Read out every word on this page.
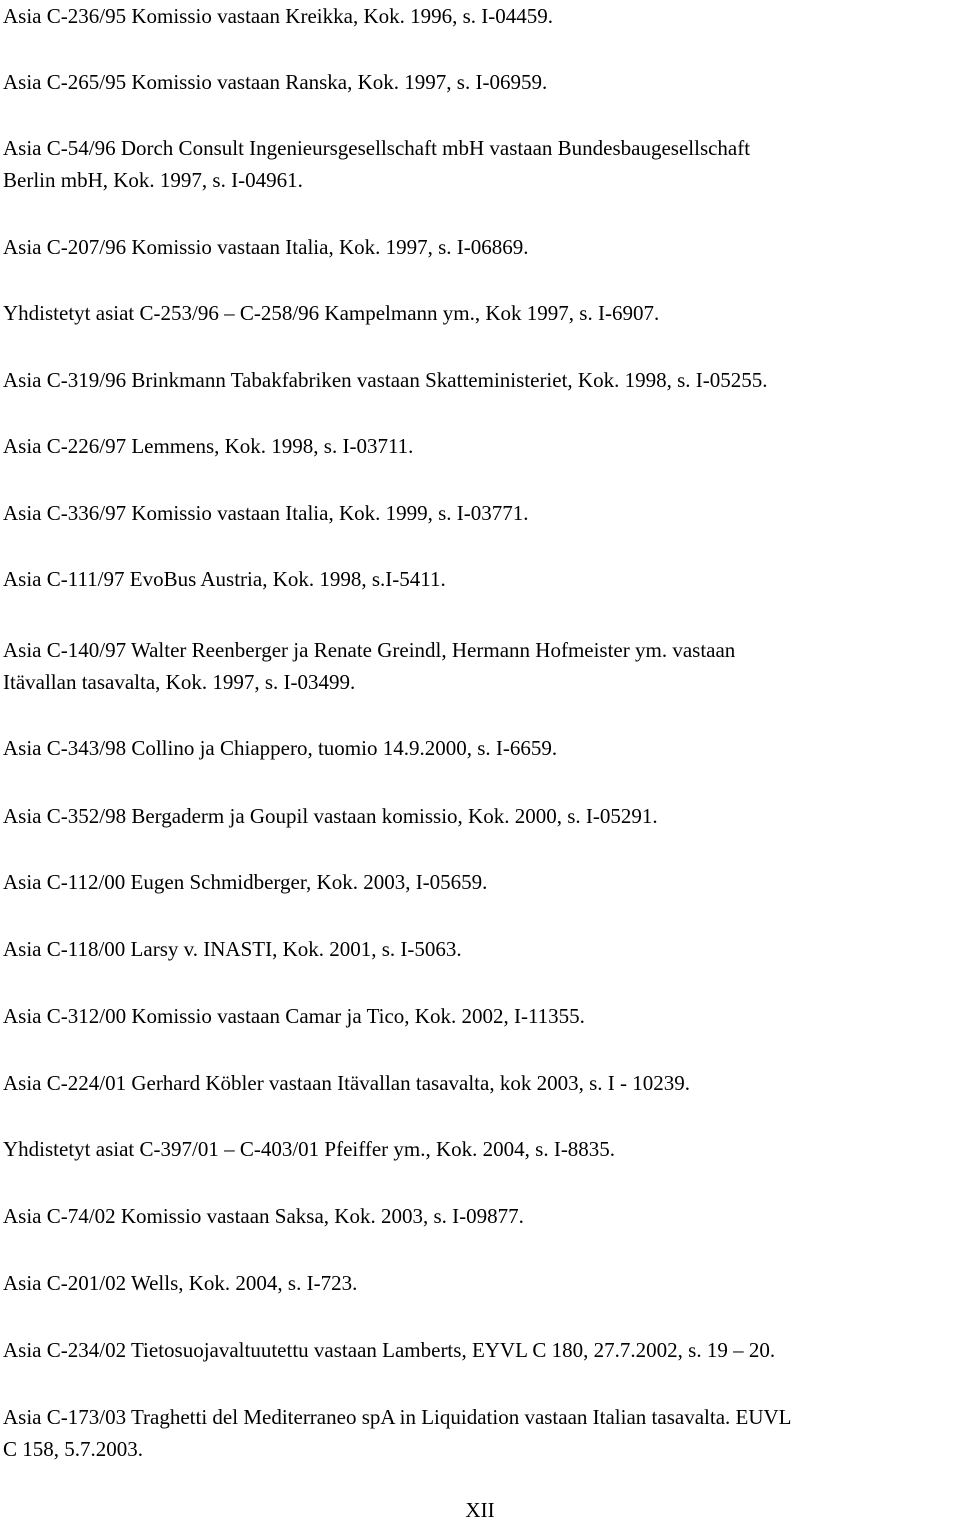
Asia C-236/95 Komissio vastaan Kreikka, Kok. 1996, s. I-04459.
Asia C-265/95 Komissio vastaan Ranska, Kok. 1997, s. I-06959.
Asia C-54/96 Dorch Consult Ingenieursgesellschaft mbH vastaan Bundesbaugesellschaft
Berlin mbH, Kok. 1997, s. I-04961.
Asia C-207/96 Komissio vastaan Italia, Kok. 1997, s. I-06869.
Yhdistetyt asiat C-253/96 – C-258/96 Kampelmann ym., Kok 1997, s. I-6907.
Asia C-319/96 Brinkmann Tabakfabriken vastaan Skatteministeriet, Kok. 1998, s. I-05255.
Asia C-226/97 Lemmens, Kok. 1998, s. I-03711.
Asia C-336/97 Komissio vastaan Italia, Kok. 1999, s. I-03771.
Asia C-111/97 EvoBus Austria, Kok. 1998, s.I-5411.
Asia C-140/97 Walter Reenberger ja Renate Greindl, Hermann Hofmeister ym. vastaan
Itävallan tasavalta, Kok. 1997, s. I-03499.
Asia C-343/98 Collino ja Chiappero, tuomio 14.9.2000, s. I-6659.
Asia C-352/98 Bergaderm ja Goupil vastaan komissio, Kok. 2000, s. I-05291.
Asia C-112/00 Eugen Schmidberger, Kok. 2003, I-05659.
Asia C-118/00 Larsy v. INASTI, Kok. 2001, s. I-5063.
Asia C-312/00 Komissio vastaan Camar ja Tico, Kok. 2002, I-11355.
Asia C-224/01 Gerhard Köbler vastaan Itävallan tasavalta, kok 2003, s. I - 10239.
Yhdistetyt asiat C-397/01 – C-403/01 Pfeiffer ym., Kok. 2004, s. I-8835.
Asia C-74/02 Komissio vastaan Saksa, Kok. 2003, s. I-09877.
Asia C-201/02 Wells, Kok. 2004, s. I-723.
Asia C-234/02 Tietosuojavaltuutettu vastaan Lamberts, EYVL C 180, 27.7.2002, s. 19 – 20.
Asia C-173/03 Traghetti del Mediterraneo spA in Liquidation vastaan Italian tasavalta. EUVL
C 158, 5.7.2003.
XII
